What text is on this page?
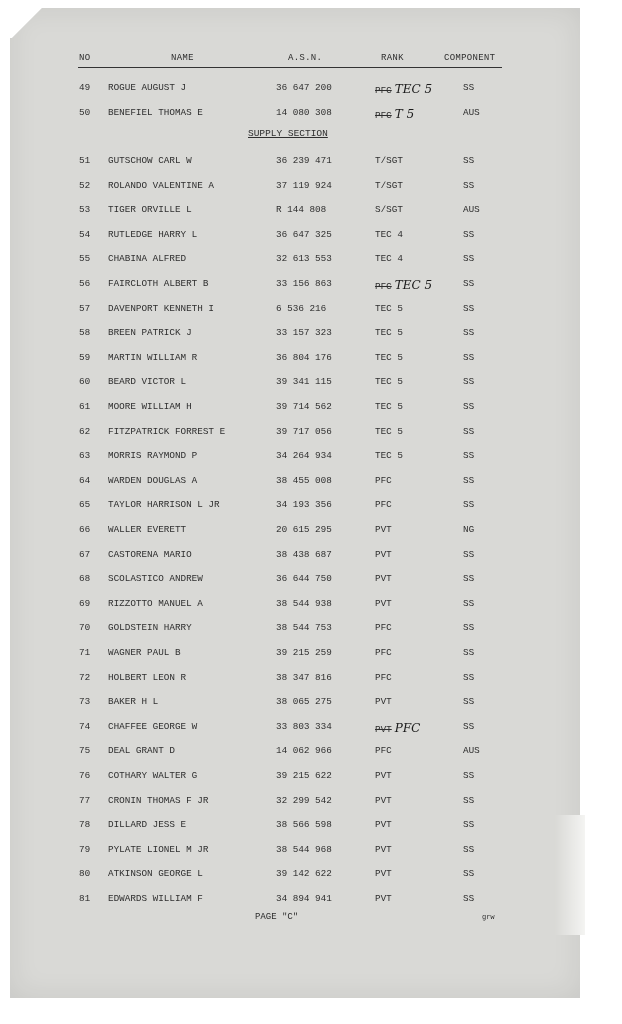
NO	NAME	A.S.N.	RANK	COMPONENT
SUPPLY SECTION
49 ROGUE AUGUST J	36 647 200	PFC TEC 5	SS
50 BENEFIEL THOMAS E	14 080 308	PFC T 5	AUS
51 GUTSCHOW CARL W	36 239 471	T/SGT	SS
52 ROLANDO VALENTINE A	37 119 924	T/SGT	SS
53 TIGER ORVILLE L	R 144 808	S/SGT	AUS
54 RUTLEDGE HARRY L	36 647 325	TEC 4	SS
55 CHABINA ALFRED	32 613 553	TEC 4	SS
56 FAIRCLOTH ALBERT B	33 156 863	PFC TEC 5	SS
57 DAVENPORT KENNETH I	6 536 216	TEC 5	SS
58 BREEN PATRICK J	33 157 323	TEC 5	SS
59 MARTIN WILLIAM R	36 804 176	TEC 5	SS
60 BEARD VICTOR L	39 341 115	TEC 5	SS
61 MOORE WILLIAM H	39 714 562	TEC 5	SS
62 FITZPATRICK FORREST E	39 717 056	TEC 5	SS
63 MORRIS RAYMOND P	34 264 934	TEC 5	SS
64 WARDEN DOUGLAS A	38 455 008	PFC	SS
65 TAYLOR HARRISON L JR	34 193 356	PFC	SS
66 WALLER EVERETT	20 615 295	PVT	NG
67 CASTORENA MARIO	38 438 687	PVT	SS
68 SCOLASTICO ANDREW	36 644 750	PVT	SS
69 RIZZOTTO MANUEL A	38 544 938	PVT	SS
70 GOLDSTEIN HARRY	38 544 753	PFC	SS
71 WAGNER PAUL B	39 215 259	PFC	SS
72 HOLBERT LEON R	38 347 816	PFC	SS
73 BAKER H L	38 065 275	PVT	SS
74 CHAFFEE GEORGE W	33 803 334	PVT PFC	SS
75 DEAL GRANT D	14 062 966	PFC	AUS
76 COTHARY WALTER G	39 215 622	PVT	SS
77 CRONIN THOMAS F JR	32 299 542	PVT	SS
78 DILLARD JESS E	38 566 598	PVT	SS
79 PYLATE LIONEL M JR	38 544 968	PVT	SS
80 ATKINSON GEORGE L	39 142 622	PVT	SS
81 EDWARDS WILLIAM F	34 894 941	PVT	SS
PAGE "C"	grw
